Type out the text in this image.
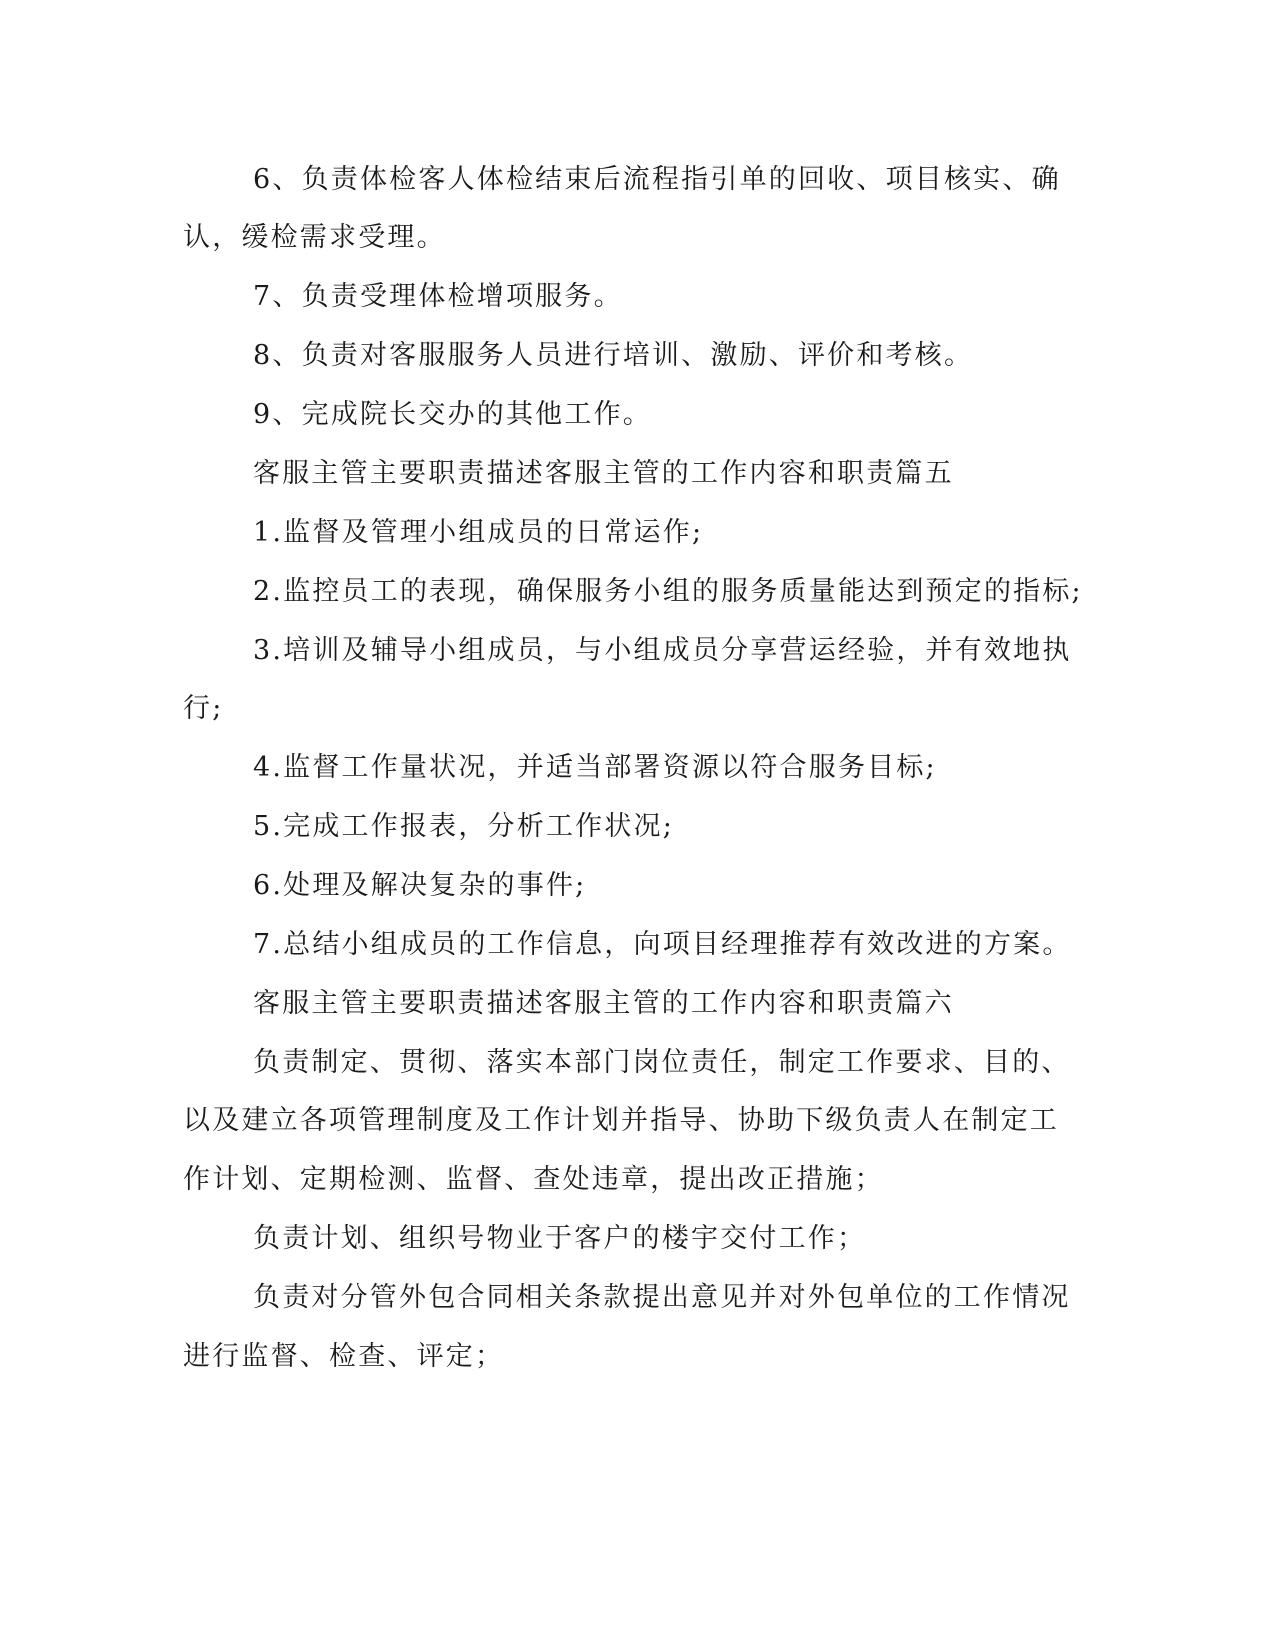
6、负责体检客人体检结束后流程指引单的回收、项目核实、确
认，缓检需求受理。
7、负责受理体检增项服务。
8、负责对客服服务人员进行培训、激励、评价和考核。
9、完成院长交办的其他工作。
客服主管主要职责描述客服主管的工作内容和职责篇五
1.监督及管理小组成员的日常运作;
2.监控员工的表现，确保服务小组的服务质量能达到预定的指标;
3.培训及辅导小组成员，与小组成员分享营运经验，并有效地执
行;
4.监督工作量状况，并适当部署资源以符合服务目标;
5.完成工作报表，分析工作状况;
6.处理及解决复杂的事件;
7.总结小组成员的工作信息，向项目经理推荐有效改进的方案。
客服主管主要职责描述客服主管的工作内容和职责篇六
负责制定、贯彻、落实本部门岗位责任，制定工作要求、目的、
以及建立各项管理制度及工作计划并指导、协助下级负责人在制定工
作计划、定期检测、监督、查处违章，提出改正措施；
负责计划、组织号物业于客户的楼宇交付工作；
负责对分管外包合同相关条款提出意见并对外包单位的工作情况
进行监督、检查、评定；
